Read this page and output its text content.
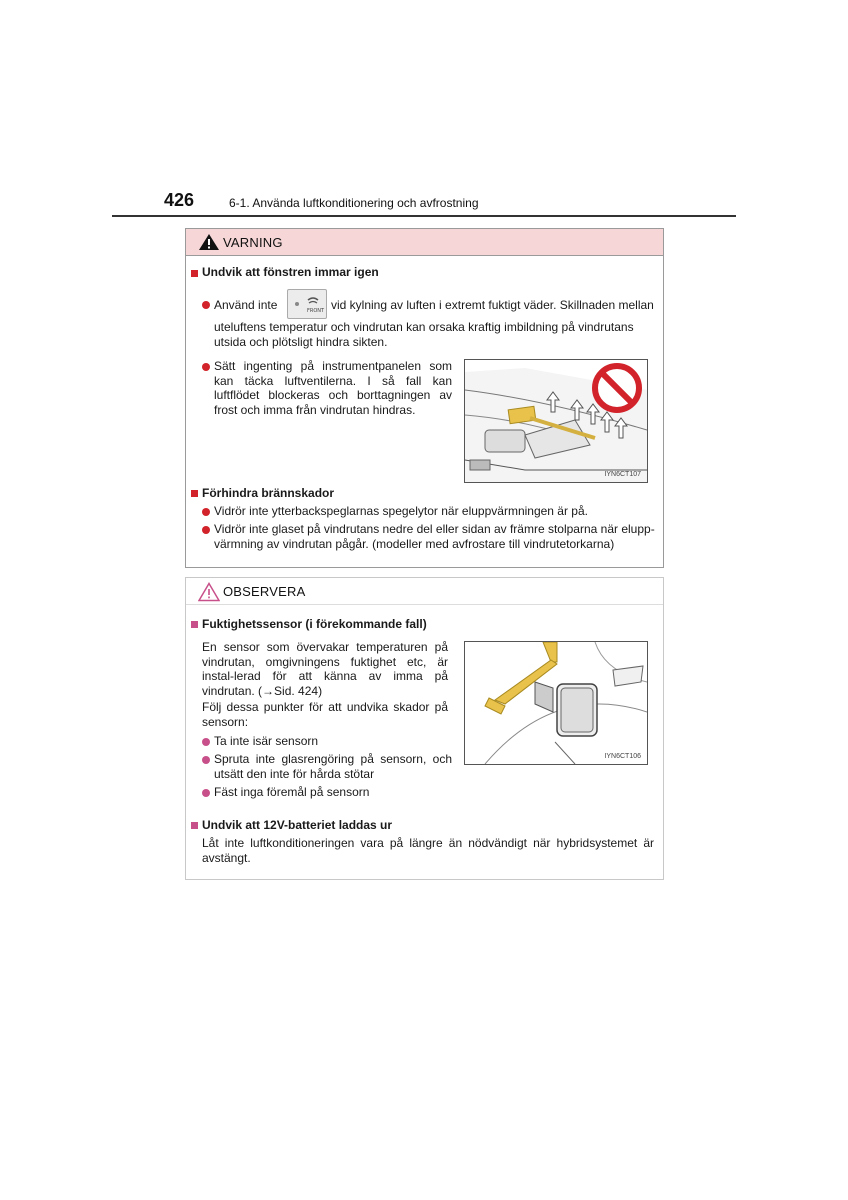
426	6-1. Använda luftkonditionering och avfrostning
VARNING
Undvik att fönstren immar igen
Använd inte	FRONT vid kylning av luften i extremt fuktigt väder. Skillnaden mellan
uteluftens temperatur och vindrutan kan orsaka kraftig imbildning på vindrutans
utsida och plötsligt hindra sikten.
Sätt ingenting på instrumentpanelen som kan täcka luftventilerna. I så fall kan luftflödet blockeras och borttagningen av frost och imma från vindrutan hindras.
IYN6CT107
Förhindra brännskador
Vidrör inte ytterbackspeglarnas spegelytor när eluppvärmningen är på.
Vidrör inte glaset på vindrutans nedre del eller sidan av främre stolparna när elupp-
värmning av vindrutan pågår. (modeller med avfrostare till vindrutetorkarna)
OBSERVERA
Fuktighetssensor (i förekommande fall)
En sensor som övervakar temperaturen på vindrutan, omgivningens fuktighet etc, är instal-lerad för att känna av imma på vindrutan. (→Sid. 424)
Följ dessa punkter för att undvika skador på sensorn:
Ta inte isär sensorn
Spruta inte glasrengöring på sensorn, och utsätt den inte för hårda stötar
Fäst inga föremål på sensorn
IYN6CT106
Undvik att 12V-batteriet laddas ur
Låt inte luftkonditioneringen vara på längre än nödvändigt när hybridsystemet är avstängt.
